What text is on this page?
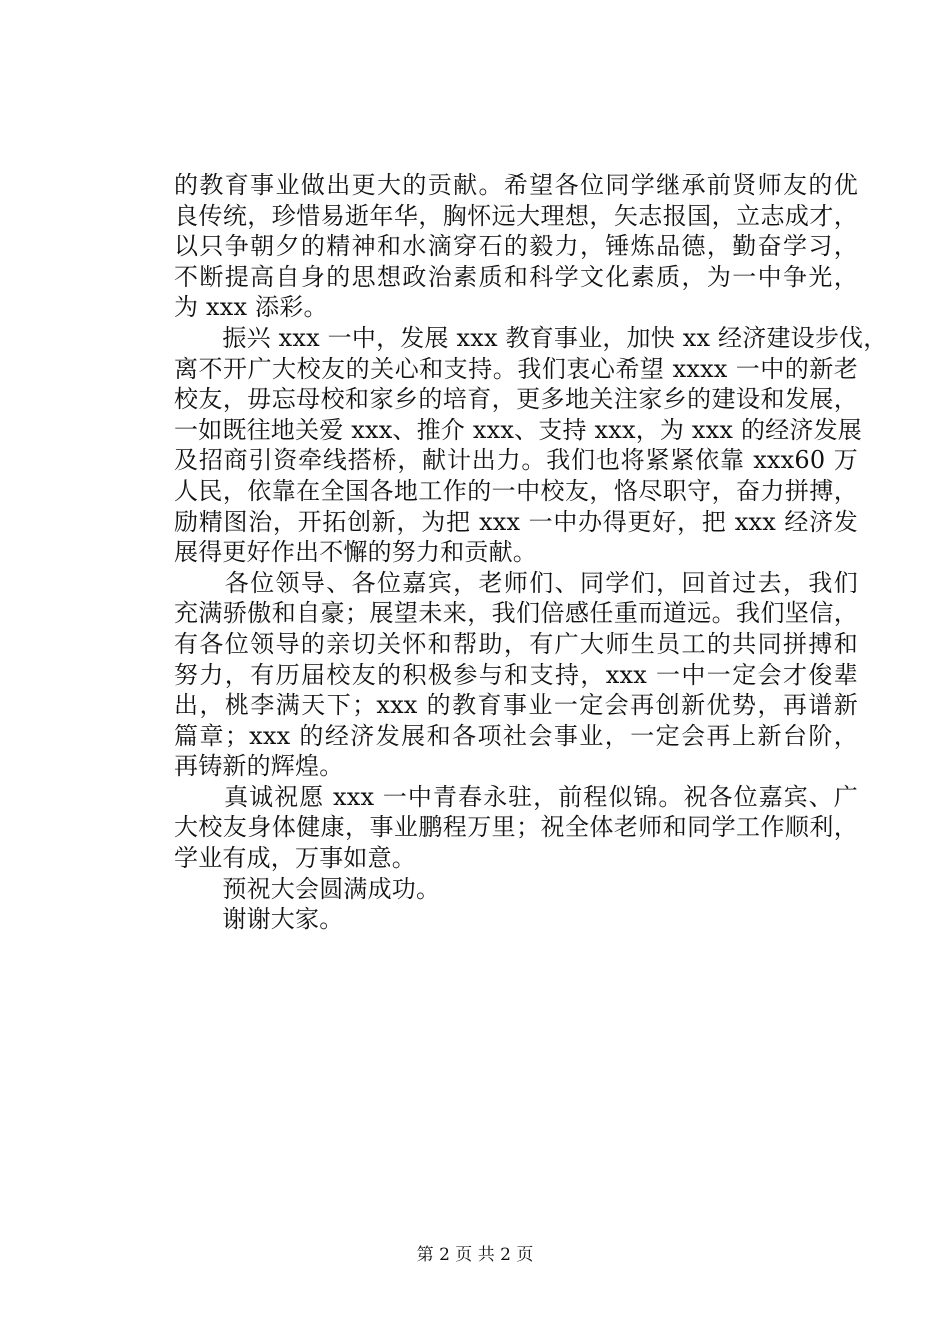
的教育事业做出更大的贡献。希望各位同学继承前贤师友的优
良传统，珍惜易逝年华，胸怀远大理想，矢志报国，立志成才，
以只争朝夕的精神和水滴穿石的毅力，锤炼品德，勤奋学习，
不断提高自身的思想政治素质和科学文化素质，为一中争光，
为 xxx 添彩。
　　振兴 xxx 一中，发展 xxx 教育事业，加快 xx 经济建设步伐，
离不开广大校友的关心和支持。我们衷心希望 xxxx 一中的新老
校友，毋忘母校和家乡的培育，更多地关注家乡的建设和发展，
一如既往地关爱 xxx、推介 xxx、支持 xxx，为 xxx 的经济发展
及招商引资牵线搭桥，献计出力。我们也将紧紧依靠 xxx60 万
人民，依靠在全国各地工作的一中校友，恪尽职守，奋力拼搏，
励精图治，开拓创新，为把 xxx 一中办得更好，把 xxx 经济发
展得更好作出不懈的努力和贡献。
　　各位领导、各位嘉宾，老师们、同学们，回首过去，我们
充满骄傲和自豪；展望未来，我们倍感任重而道远。我们坚信，
有各位领导的亲切关怀和帮助，有广大师生员工的共同拼搏和
努力，有历届校友的积极参与和支持，xxx 一中一定会才俊辈
出，桃李满天下；xxx 的教育事业一定会再创新优势，再谱新
篇章；xxx 的经济发展和各项社会事业，一定会再上新台阶，
再铸新的辉煌。
　　真诚祝愿 xxx 一中青春永驻，前程似锦。祝各位嘉宾、广
大校友身体健康，事业鹏程万里；祝全体老师和同学工作顺利，
学业有成，万事如意。
　　预祝大会圆满成功。
　　谢谢大家。
第 2 页 共 2 页
